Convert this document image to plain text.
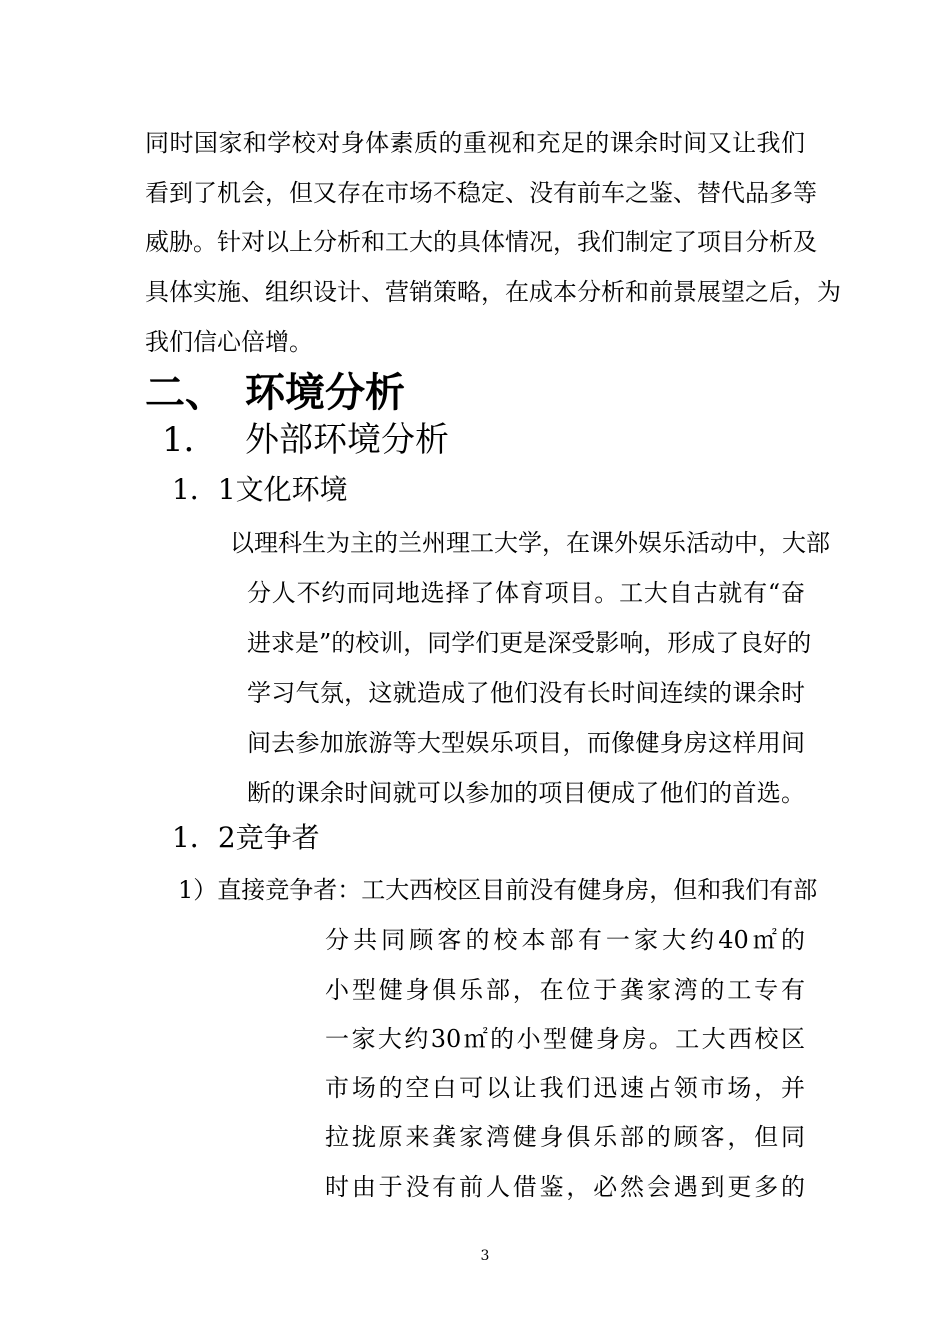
同时国家和学校对身体素质的重视和充足的课余时间又让我们
看到了机会，但又存在市场不稳定、没有前车之鉴、替代品多等
威胁。针对以上分析和工大的具体情况，我们制定了项目分析及
具体实施、组织设计、营销策略，在成本分析和前景展望之后，为
我们信心倍增。
二、 环境分析
1． 外部环境分析
1．1文化环境
以理科生为主的兰州理工大学，在课外娱乐活动中，大部
分人不约而同地选择了体育项目。工大自古就有“奋
进求是”的校训，同学们更是深受影响，形成了良好的
学习气氛，这就造成了他们没有长时间连续的课余时
间去参加旅游等大型娱乐项目，而像健身房这样用间
断的课余时间就可以参加的项目便成了他们的首选。
1．2竞争者
1）直接竞争者：工大西校区目前没有健身房，但和我们有部
分共同顾客的校本部有一家大约40㎡的
小型健身俱乐部，在位于龚家湾的工专有
一家大约30㎡的小型健身房。工大西校区
市场的空白可以让我们迅速占领市场，并
拉拢原来龚家湾健身俱乐部的顾客，但同
时由于没有前人借鉴，必然会遇到更多的
3
